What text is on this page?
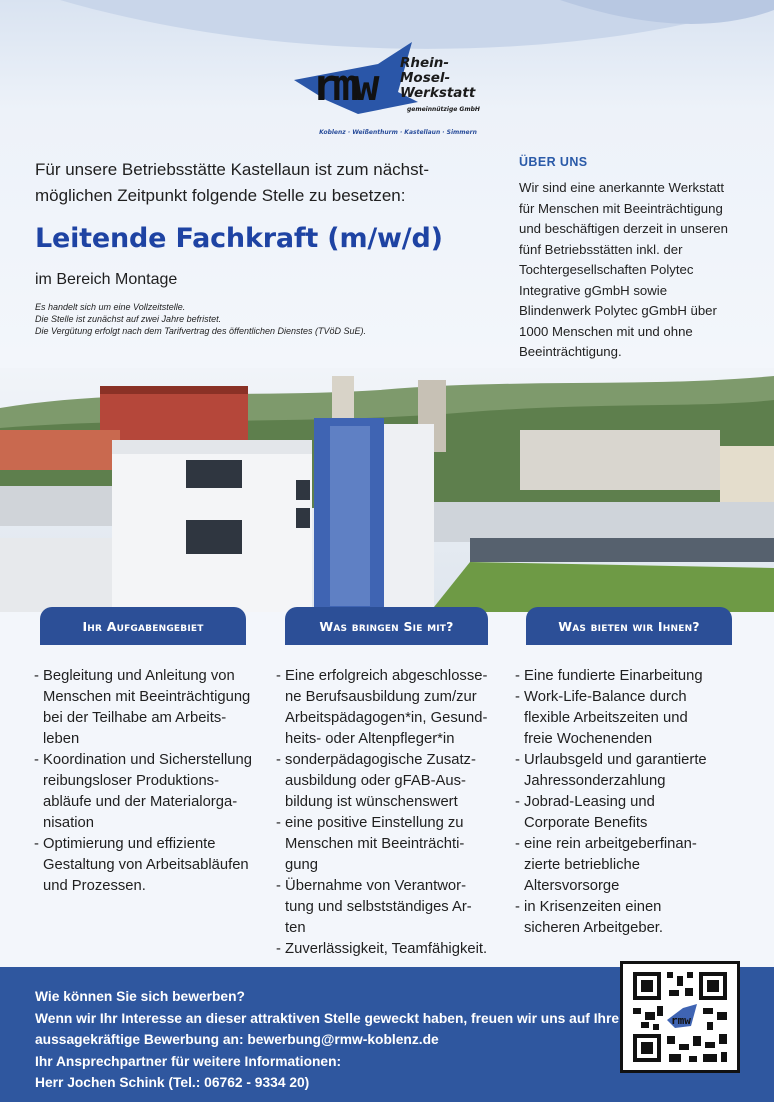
rmw	Rhein-
Mosel-
Werkstatt
gemeinnützige GmbH
Koblenz · Weißenthurm · Kastellaun · Simmern
Für unsere Betriebsstätte Kastellaun ist zum nächst-
möglichen Zeitpunkt folgende Stelle zu besetzen:
Leitende Fachkraft (m/w/d)
im Bereich Montage
Es handelt sich um eine Vollzeitstelle.
Die Stelle ist zunächst auf zwei Jahre befristet.
Die Vergütung erfolgt nach dem Tarifvertrag des öffentlichen Dienstes (TVöD SuE).
ÜBER UNS
Wir sind eine anerkannte Werkstatt
für Menschen mit Beeinträchtigung
und beschäftigen derzeit in unseren
fünf Betriebsstätten inkl. der
Tochtergesellschaften Polytec
Integrative gGmbH sowie
Blindenwerk Polytec gGmbH über
1000 Menschen mit und ohne
Beeinträchtigung.
Ihr Aufgabengebiet	Was bringen Sie mit?	Was bieten wir Ihnen?
- Begleitung und Anleitung von
Menschen mit Beeinträchtigung
bei der Teilhabe am Arbeits-
leben
- Koordination und Sicherstellung
reibungsloser Produktions-
abläufe und der Materialorga-
nisation
- Optimierung und effiziente
Gestaltung von Arbeitsabläufen
und Prozessen.
- Eine erfolgreich abgeschlosse-
ne Berufsausbildung zum/zur
Arbeitspädagogen*in, Gesund-
heits- oder Altenpfleger*in
- sonderpädagogische Zusatz-
ausbildung oder gFAB-Aus-
bildung ist wünschenswert
- eine positive Einstellung zu
Menschen mit Beeinträchti-
gung
- Übernahme von Verantwor-
tung und selbstständiges Ar-
ten
- Zuverlässigkeit, Teamfähigkeit.
- Eine fundierte Einarbeitung
- Work-Life-Balance durch
flexible Arbeitszeiten und
freie Wochenenden
- Urlaubsgeld und garantierte
Jahressonderzahlung
- Jobrad-Leasing und
Corporate Benefits
- eine rein arbeitgeberfinan-
zierte betriebliche
Altersvorsorge
- in Krisenzeiten einen
sicheren Arbeitgeber.
Wie können Sie sich bewerben?
Wenn wir Ihr Interesse an dieser attraktiven Stelle geweckt haben, freuen wir uns auf Ihre
aussagekräftige Bewerbung an: bewerbung@rmw-koblenz.de
Ihr Ansprechpartner für weitere Informationen:
Herr Jochen Schink (Tel.: 06762 - 9334 20)
rmw
